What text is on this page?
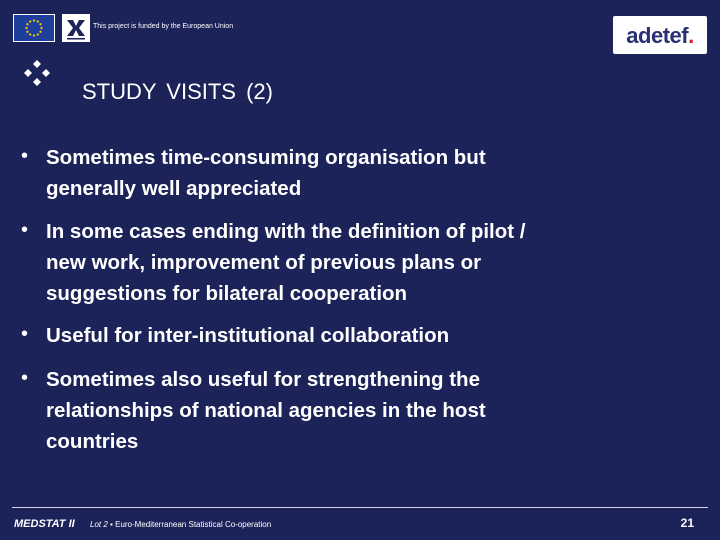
This project is funded by the European Union	adetef.
STUDY VISITS (2)
• Sometimes time-consuming organisation but
generally well appreciated
• In some cases ending with the definition of pilot /
new work, improvement of previous plans or
suggestions for bilateral cooperation
• Useful for inter-institutional collaboration
• Sometimes also useful for strengthening the
relationships of national agencies in the host
countries
MEDSTAT II Lot 2 ▪ Euro-Mediterranean Statistical Co-operation	21
